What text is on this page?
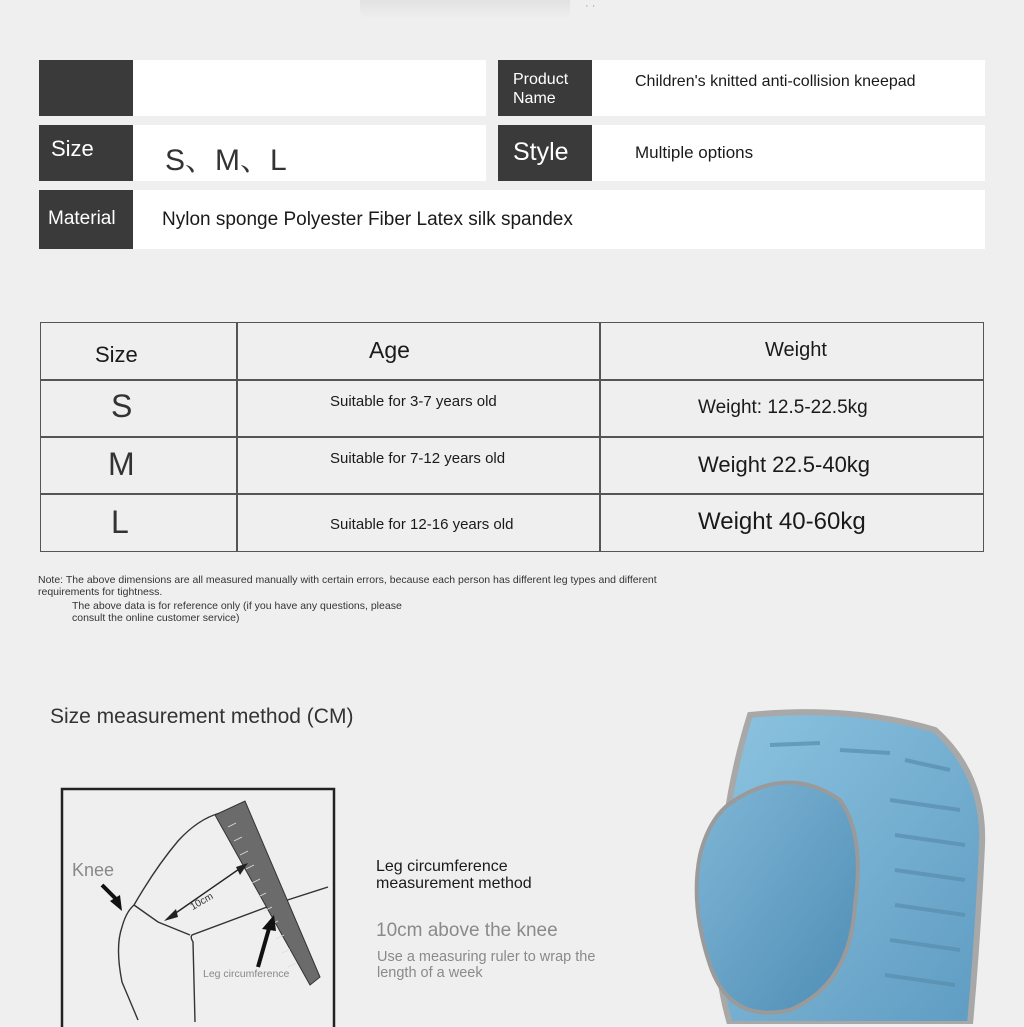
· ·
Product Name
Children's knitted anti-collision kneepad
Size S、M、L	Style	Multiple options
Material Nylon sponge Polyester Fiber Latex silk spandex
Size	Age	Weight
S	Suitable for 3-7 years old	Weight: 12.5-22.5kg
M	Suitable for 7-12 years old	Weight 22.5-40kg
L	Suitable for 12-16 years old	Weight 40-60kg
Note: The above dimensions are all measured manually with certain errors, because each person has different leg types and different requirements for tightness.
The above data is for reference only (if you have any questions, please consult the online customer service)
Size measurement method (CM)
Knee
10cm
Leg circumference
Leg circumference measurement method
10cm above the knee
Use a measuring ruler to wrap the length of a week
